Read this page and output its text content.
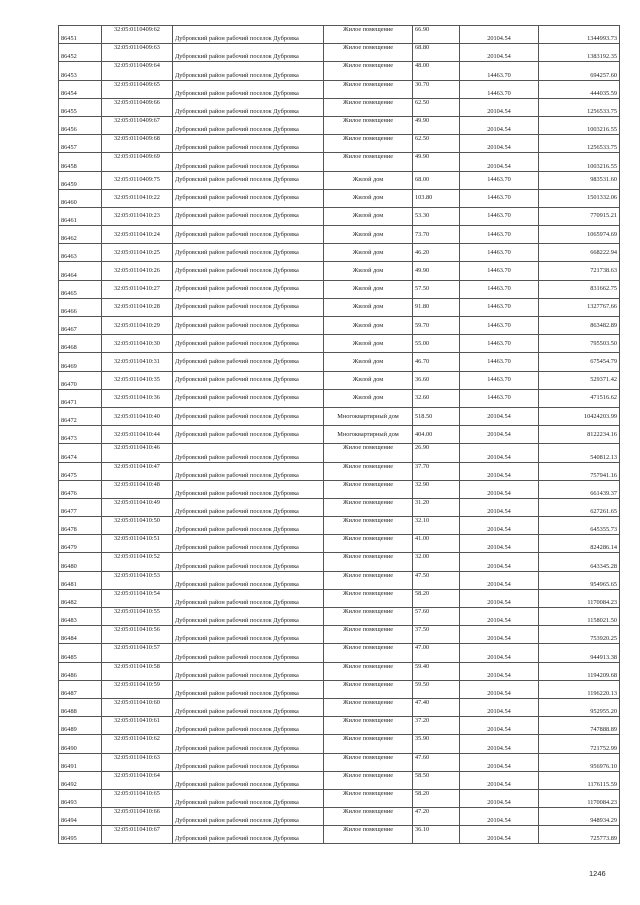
86451	32:05:0110409:62	Дубровский район рабочий поселок Дубровка	Жилое помещение	66.90	20104.54	1344993.73
86452	32:05:0110409:63	Дубровский район рабочий поселок Дубровка	Жилое помещение	68.80	20104.54	1383192.35
86453	32:05:0110409:64	Дубровский район рабочий поселок Дубровка	Жилое помещение	48.00	14463.70	694257.60
86454	32:05:0110409:65	Дубровский район рабочий поселок Дубровка	Жилое помещение	30.70	14463.70	444035.59
86455	32:05:0110409:66	Дубровский район рабочий поселок Дубровка	Жилое помещение	62.50	20104.54	1256533.75
86456	32:05:0110409:67	Дубровский район рабочий поселок Дубровка	Жилое помещение	49.90	20104.54	1003216.55
86457	32:05:0110409:68	Дубровский район рабочий поселок Дубровка	Жилое помещение	62.50	20104.54	1256533.75
86458	32:05:0110409:69	Дубровский район рабочий поселок Дубровка	Жилое помещение	49.90	20104.54	1003216.55
86459	32:05:0110409:75	Дубровский район рабочий поселок Дубровка	Жилой дом	68.00	14463.70	983531.60
86460	32:05:0110410:22	Дубровский район рабочий поселок Дубровка	Жилой дом	103.80	14463.70	1501332.06
86461	32:05:0110410:23	Дубровский район рабочий поселок Дубровка	Жилой дом	53.30	14463.70	770915.21
86462	32:05:0110410:24	Дубровский район рабочий поселок Дубровка	Жилой дом	73.70	14463.70	1065974.69
86463	32:05:0110410:25	Дубровский район рабочий поселок Дубровка	Жилой дом	46.20	14463.70	668222.94
86464	32:05:0110410:26	Дубровский район рабочий поселок Дубровка	Жилой дом	49.90	14463.70	721738.63
86465	32:05:0110410:27	Дубровский район рабочий поселок Дубровка	Жилой дом	57.50	14463.70	831662.75
86466	32:05:0110410:28	Дубровский район рабочий поселок Дубровка	Жилой дом	91.80	14463.70	1327767.66
86467	32:05:0110410:29	Дубровский район рабочий поселок Дубровка	Жилой дом	59.70	14463.70	863482.89
86468	32:05:0110410:30	Дубровский район рабочий поселок Дубровка	Жилой дом	55.00	14463.70	795503.50
86469	32:05:0110410:31	Дубровский район рабочий поселок Дубровка	Жилой дом	46.70	14463.70	675454.79
86470	32:05:0110410:35	Дубровский район рабочий поселок Дубровка	Жилой дом	36.60	14463.70	529371.42
86471	32:05:0110410:36	Дубровский район рабочий поселок Дубровка	Жилой дом	32.60	14463.70	471516.62
86472	32:05:0110410:40	Дубровский район рабочий поселок Дубровка	Многоквартирный дом	518.50	20104.54	10424203.99
86473	32:05:0110410:44	Дубровский район рабочий поселок Дубровка	Многоквартирный дом	404.00	20104.54	8122234.16
86474	32:05:0110410:46	Дубровский район рабочий поселок Дубровка	Жилое помещение	26.90	20104.54	540812.13
86475	32:05:0110410:47	Дубровский район рабочий поселок Дубровка	Жилое помещение	37.70	20104.54	757941.16
86476	32:05:0110410:48	Дубровский район рабочий поселок Дубровка	Жилое помещение	32.90	20104.54	661439.37
86477	32:05:0110410:49	Дубровский район рабочий поселок Дубровка	Жилое помещение	31.20	20104.54	627261.65
86478	32:05:0110410:50	Дубровский район рабочий поселок Дубровка	Жилое помещение	32.10	20104.54	645355.73
86479	32:05:0110410:51	Дубровский район рабочий поселок Дубровка	Жилое помещение	41.00	20104.54	824286.14
86480	32:05:0110410:52	Дубровский район рабочий поселок Дубровка	Жилое помещение	32.00	20104.54	643345.28
86481	32:05:0110410:53	Дубровский район рабочий поселок Дубровка	Жилое помещение	47.50	20104.54	954965.65
86482	32:05:0110410:54	Дубровский район рабочий поселок Дубровка	Жилое помещение	58.20	20104.54	1170084.23
86483	32:05:0110410:55	Дубровский район рабочий поселок Дубровка	Жилое помещение	57.60	20104.54	1158021.50
86484	32:05:0110410:56	Дубровский район рабочий поселок Дубровка	Жилое помещение	37.50	20104.54	753920.25
86485	32:05:0110410:57	Дубровский район рабочий поселок Дубровка	Жилое помещение	47.00	20104.54	944913.38
86486	32:05:0110410:58	Дубровский район рабочий поселок Дубровка	Жилое помещение	59.40	20104.54	1194209.68
86487	32:05:0110410:59	Дубровский район рабочий поселок Дубровка	Жилое помещение	59.50	20104.54	1196220.13
86488	32:05:0110410:60	Дубровский район рабочий поселок Дубровка	Жилое помещение	47.40	20104.54	952955.20
86489	32:05:0110410:61	Дубровский район рабочий поселок Дубровка	Жилое помещение	37.20	20104.54	747888.89
86490	32:05:0110410:62	Дубровский район рабочий поселок Дубровка	Жилое помещение	35.90	20104.54	721752.99
86491	32:05:0110410:63	Дубровский район рабочий поселок Дубровка	Жилое помещение	47.60	20104.54	956976.10
86492	32:05:0110410:64	Дубровский район рабочий поселок Дубровка	Жилое помещение	58.50	20104.54	1176115.59
86493	32:05:0110410:65	Дубровский район рабочий поселок Дубровка	Жилое помещение	58.20	20104.54	1170084.23
86494	32:05:0110410:66	Дубровский район рабочий поселок Дубровка	Жилое помещение	47.20	20104.54	948934.29
86495	32:05:0110410:67	Дубровский район рабочий поселок Дубровка	Жилое помещение	36.10	20104.54	725773.89
1246
